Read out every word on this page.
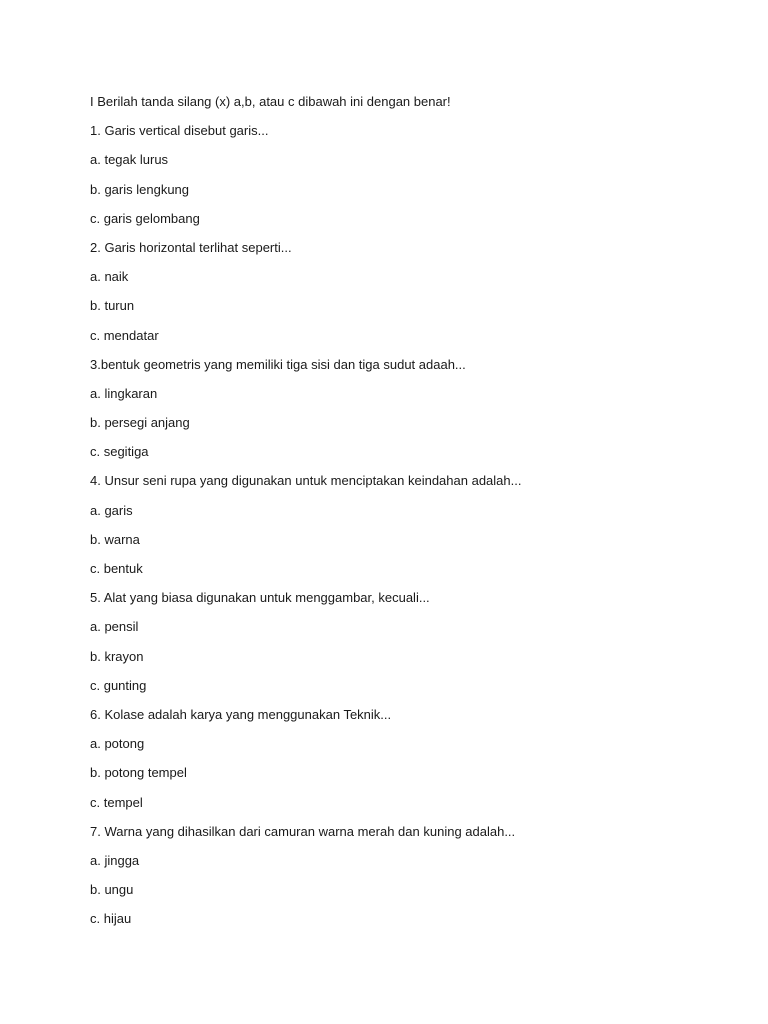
I Berilah tanda silang (x) a,b, atau c dibawah ini dengan benar!
1. Garis vertical disebut garis...
a. tegak lurus
b. garis lengkung
c. garis gelombang
2. Garis horizontal terlihat seperti...
a. naik
b. turun
c. mendatar
3.bentuk geometris yang memiliki tiga sisi dan tiga sudut adaah...
a. lingkaran
b. persegi anjang
c. segitiga
4. Unsur seni rupa yang digunakan untuk menciptakan keindahan adalah...
a. garis
b. warna
c. bentuk
5. Alat yang biasa digunakan untuk menggambar, kecuali...
a. pensil
b. krayon
c. gunting
6. Kolase adalah karya yang menggunakan Teknik...
a. potong
b. potong tempel
c. tempel
7. Warna yang dihasilkan dari camuran warna merah dan kuning adalah...
a. jingga
b. ungu
c. hijau
